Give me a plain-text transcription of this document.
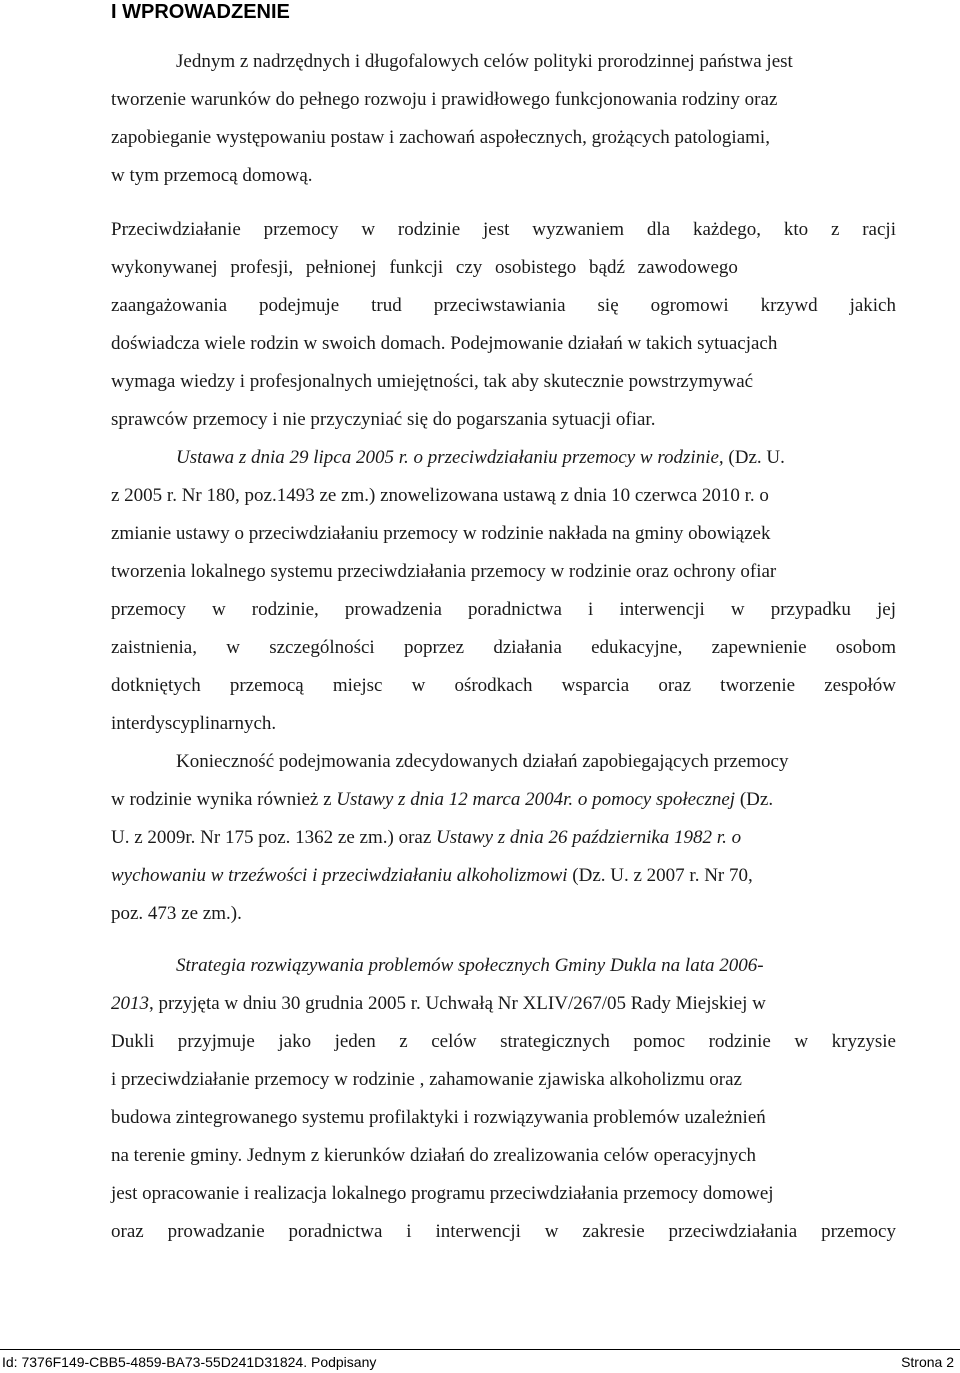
I WPROWADZENIE

Jednym z nadrzędnych i długofalowych celów polityki prorodzinnej państwa jest

tworzenie warunków do pełnego rozwoju i prawidłowego funkcjonowania rodziny oraz

zapobieganie występowaniu postaw i zachowań aspołecznych, grożących patologiami,

w tym przemocą domową.

Przeciwdziałanie przemocy w rodzinie jest wyzwaniem dla każdego, kto z racji

wykonywanej profesji, pełnionej funkcji czy osobistego bądź zawodowego

zaangażowania podejmuje trud przeciwstawiania się ogromowi krzywd jakich

doświadcza wiele rodzin w swoich domach. Podejmowanie działań w takich sytuacjach

wymaga wiedzy i profesjonalnych umiejętności, tak aby skutecznie powstrzymywać

sprawców przemocy i nie przyczyniać się do pogarszania sytuacji ofiar.

Ustawa z dnia 29 lipca 2005 r. o przeciwdziałaniu przemocy w rodzinie, (Dz. U.

z 2005 r. Nr 180, poz.1493 ze zm.) znowelizowana ustawą z dnia 10 czerwca 2010 r. o

zmianie ustawy o przeciwdziałaniu przemocy w rodzinie nakłada na gminy obowiązek

tworzenia lokalnego systemu przeciwdziałania przemocy w rodzinie oraz ochrony ofiar

przemocy w rodzinie, prowadzenia poradnictwa i interwencji w przypadku jej

zaistnienia, w szczególności poprzez działania edukacyjne, zapewnienie osobom

dotkniętych przemocą miejsc w ośrodkach wsparcia oraz tworzenie zespołów

interdyscyplinarnych.

Konieczność podejmowania zdecydowanych działań zapobiegających przemocy

w rodzinie wynika również z Ustawy z dnia 12 marca 2004r. o pomocy społecznej (Dz.

U. z 2009r. Nr 175 poz. 1362 ze zm.) oraz Ustawy z dnia 26 października 1982 r. o

wychowaniu w trzeźwości i przeciwdziałaniu alkoholizmowi (Dz. U. z 2007 r. Nr 70,

poz. 473 ze zm.).

Strategia rozwiązywania problemów społecznych Gminy Dukla na lata 2006-

2013, przyjęta w dniu 30 grudnia 2005 r. Uchwałą Nr XLIV/267/05 Rady Miejskiej w

Dukli przyjmuje jako jeden z celów strategicznych pomoc rodzinie w kryzysie

i przeciwdziałanie przemocy w rodzinie , zahamowanie zjawiska alkoholizmu oraz

budowa zintegrowanego systemu profilaktyki i rozwiązywania problemów uzależnień

na terenie gminy. Jednym z kierunków działań do zrealizowania celów operacyjnych

jest opracowanie i realizacja lokalnego programu przeciwdziałania przemocy domowej

oraz prowadzanie poradnictwa i interwencji w zakresie przeciwdziałania przemocy

Id: 7376F149-CBB5-4859-BA73-55D241D31824. Podpisany	Strona 2
